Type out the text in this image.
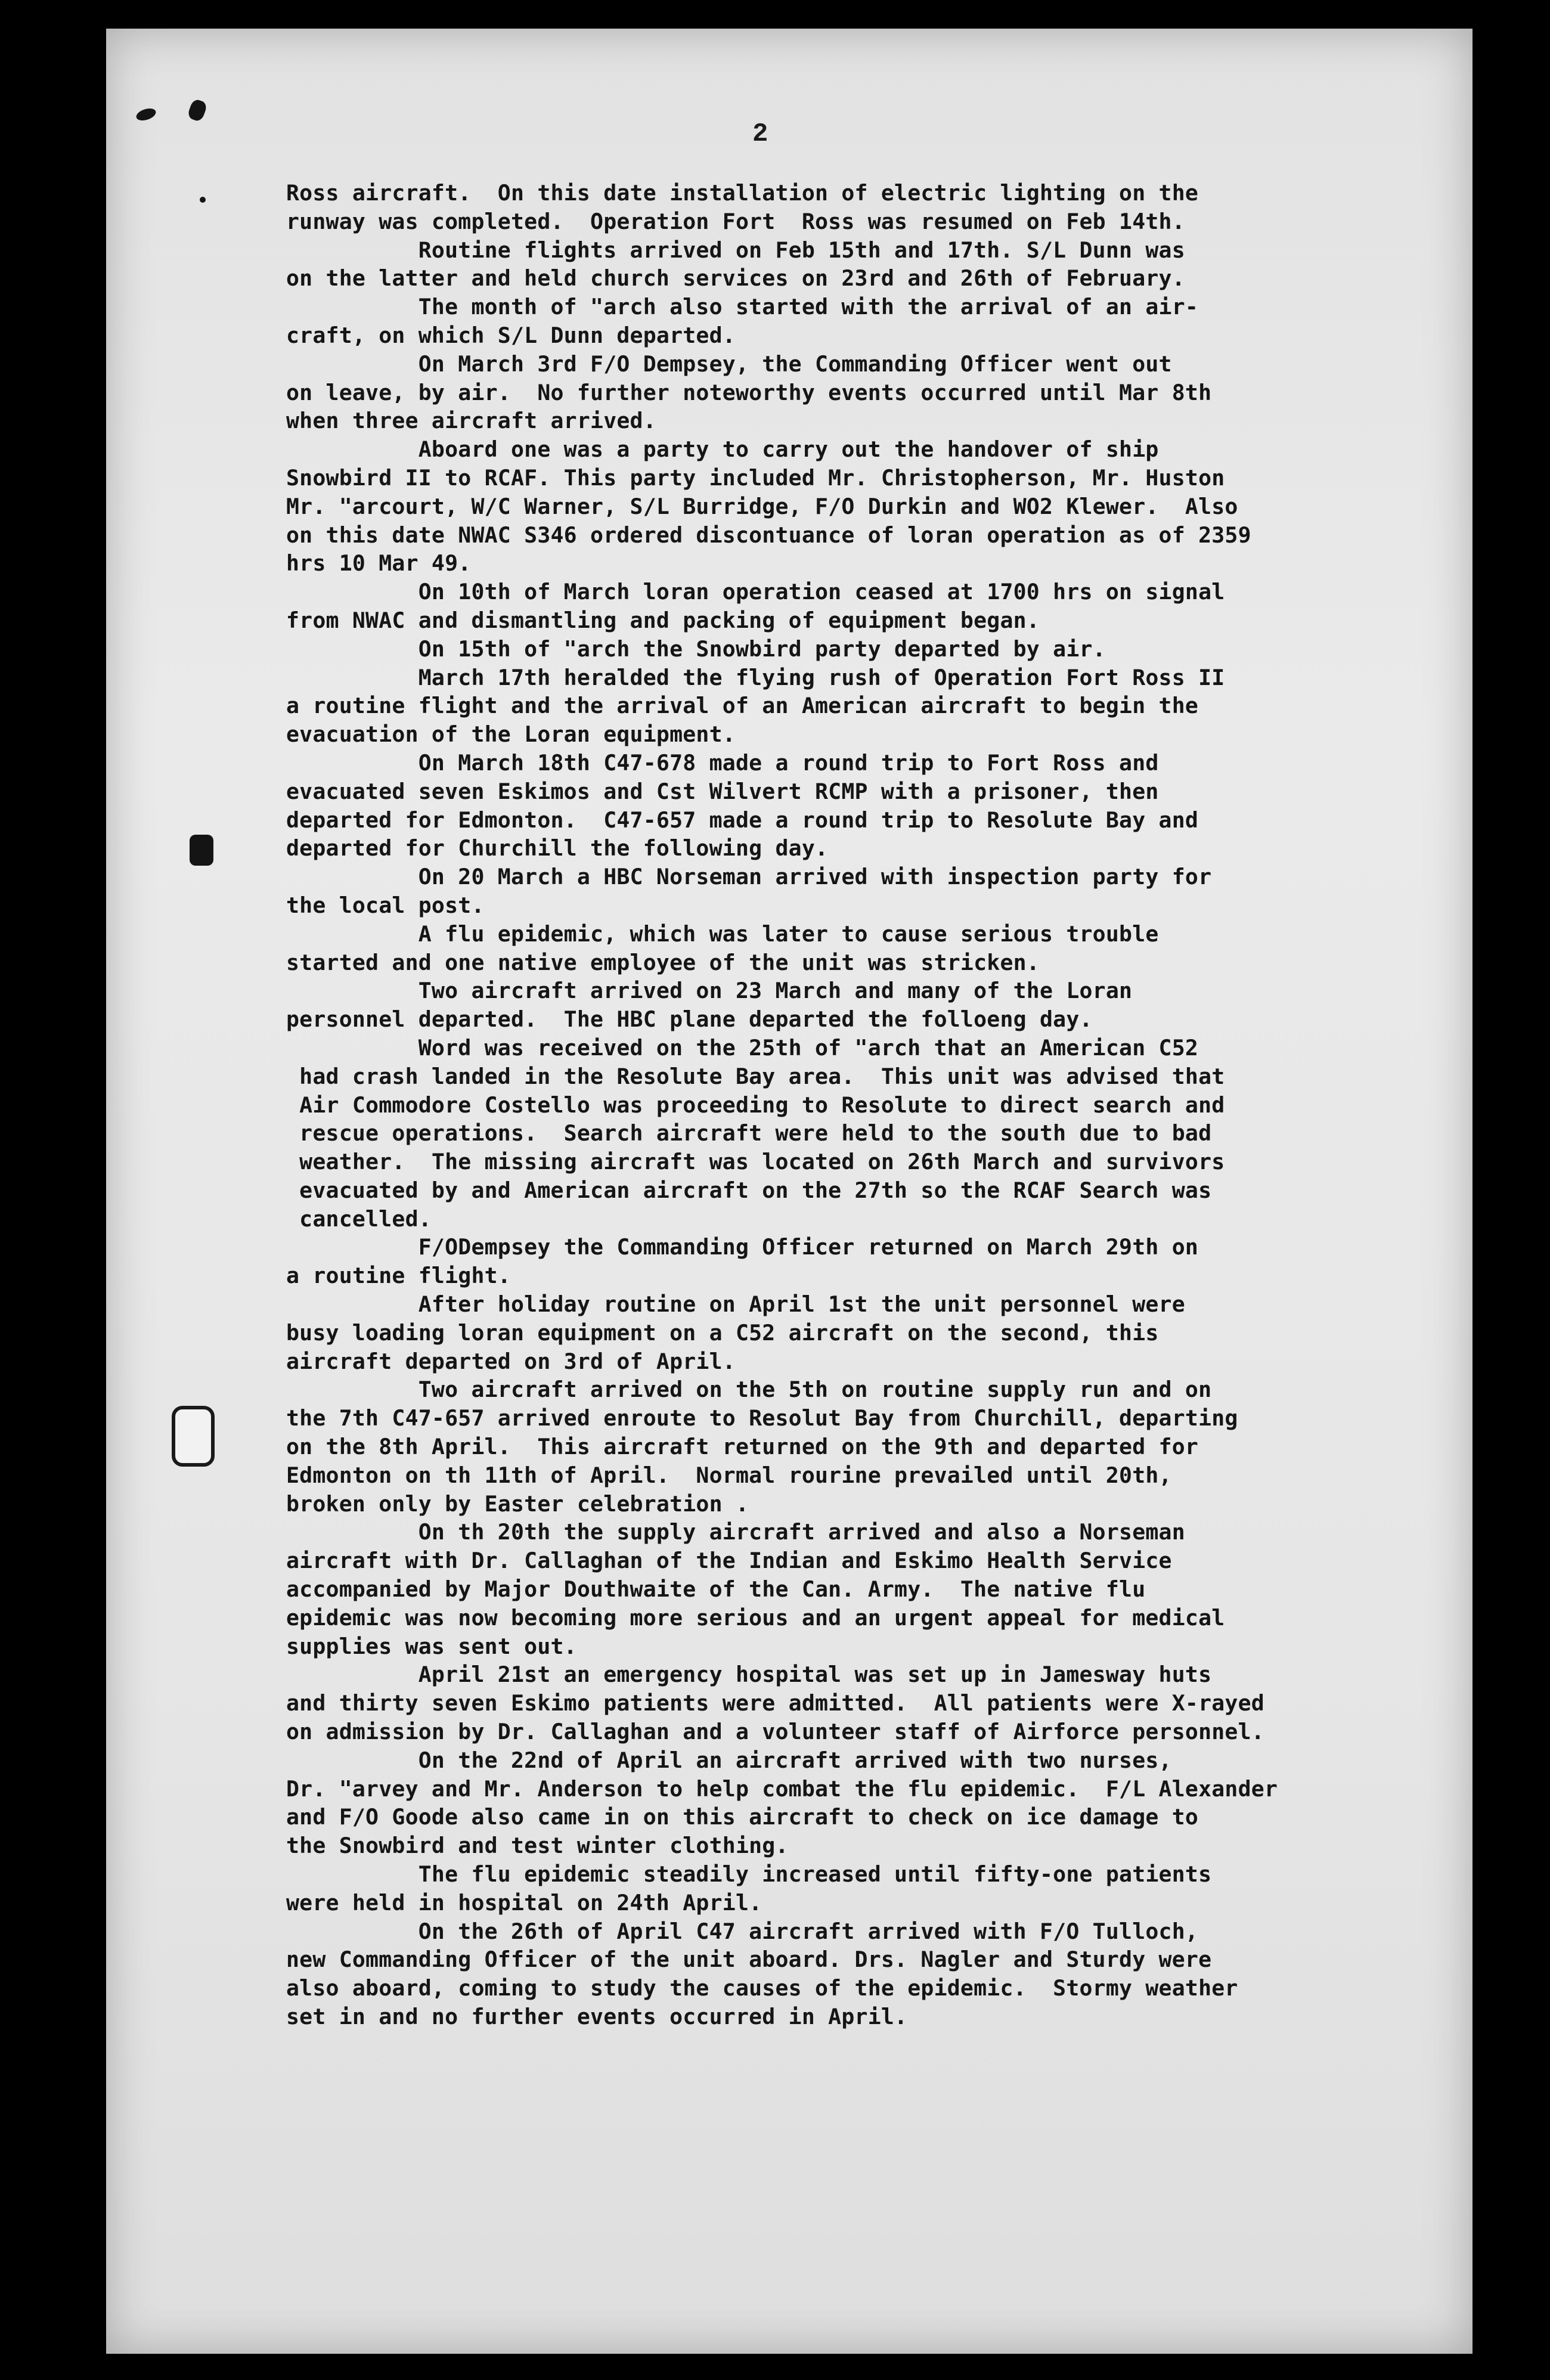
2
Ross aircraft.  On this date installation of electric lighting on the
runway was completed.  Operation Fort  Ross was resumed on Feb 14th.
Routine flights arrived on Feb 15th and 17th. S/L Dunn was
on the latter and held church services on 23rd and 26th of February.
The month of "arch also started with the arrival of an air-
craft, on which S/L Dunn departed.
On March 3rd F/O Dempsey, the Commanding Officer went out
on leave, by air.  No further noteworthy events occurred until Mar 8th
when three aircraft arrived.
Aboard one was a party to carry out the handover of ship
Snowbird II to RCAF. This party included Mr. Christopherson, Mr. Huston
Mr. "arcourt, W/C Warner, S/L Burridge, F/O Durkin and WO2 Klewer.  Also
on this date NWAC S346 ordered discontuance of loran operation as of 2359
hrs 10 Mar 49.
On 10th of March loran operation ceased at 1700 hrs on signal
from NWAC and dismantling and packing of equipment began.
On 15th of "arch the Snowbird party departed by air.
March 17th heralded the flying rush of Operation Fort Ross II
a routine flight and the arrival of an American aircraft to begin the
evacuation of the Loran equipment.
On March 18th C47-678 made a round trip to Fort Ross and
evacuated seven Eskimos and Cst Wilvert RCMP with a prisoner, then
departed for Edmonton.  C47-657 made a round trip to Resolute Bay and
departed for Churchill the following day.
On 20 March a HBC Norseman arrived with inspection party for
the local post.
A flu epidemic, which was later to cause serious trouble
started and one native employee of the unit was stricken.
Two aircraft arrived on 23 March and many of the Loran
personnel departed.  The HBC plane departed the folloeng day.
Word was received on the 25th of "arch that an American C52
had crash landed in the Resolute Bay area.  This unit was advised that
Air Commodore Costello was proceeding to Resolute to direct search and
rescue operations.  Search aircraft were held to the south due to bad
weather.  The missing aircraft was located on 26th March and survivors
evacuated by and American aircraft on the 27th so the RCAF Search was
cancelled.
F/ODempsey the Commanding Officer returned on March 29th on
a routine flight.
After holiday routine on April 1st the unit personnel were
busy loading loran equipment on a C52 aircraft on the second, this
aircraft departed on 3rd of April.
Two aircraft arrived on the 5th on routine supply run and on
the 7th C47-657 arrived enroute to Resolut Bay from Churchill, departing
on the 8th April.  This aircraft returned on the 9th and departed for
Edmonton on th 11th of April.  Normal rourine prevailed until 20th,
broken only by Easter celebration .
On th 20th the supply aircraft arrived and also a Norseman
aircraft with Dr. Callaghan of the Indian and Eskimo Health Service
accompanied by Major Douthwaite of the Can. Army.  The native flu
epidemic was now becoming more serious and an urgent appeal for medical
supplies was sent out.
April 21st an emergency hospital was set up in Jamesway huts
and thirty seven Eskimo patients were admitted.  All patients were X-rayed
on admission by Dr. Callaghan and a volunteer staff of Airforce personnel.
On the 22nd of April an aircraft arrived with two nurses,
Dr. "arvey and Mr. Anderson to help combat the flu epidemic.  F/L Alexander
and F/O Goode also came in on this aircraft to check on ice damage to
the Snowbird and test winter clothing.
The flu epidemic steadily increased until fifty-one patients
were held in hospital on 24th April.
On the 26th of April C47 aircraft arrived with F/O Tulloch,
new Commanding Officer of the unit aboard. Drs. Nagler and Sturdy were
also aboard, coming to study the causes of the epidemic.  Stormy weather
set in and no further events occurred in April.
